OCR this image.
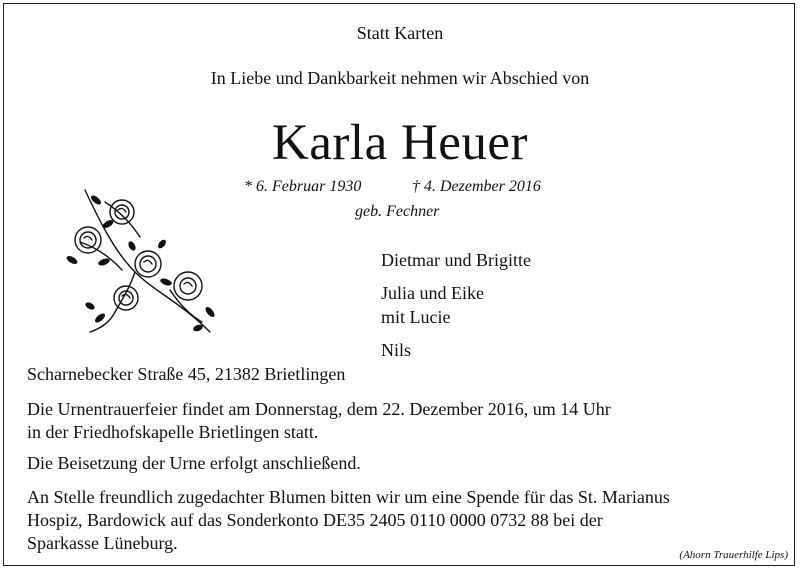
Statt Karten
In Liebe und Dankbarkeit nehmen wir Abschied von
Karla Heuer
* 6. Februar 1930	† 4. Dezember 2016
geb. Fechner
Dietmar und Brigitte
Julia und Eike
mit Lucie
Nils
Scharnebecker Straße 45, 21382 Brietlingen
Die Urnentrauerfeier findet am Donnerstag, dem 22. Dezember 2016, um 14 Uhr
in der Friedhofskapelle Brietlingen statt.
Die Beisetzung der Urne erfolgt anschließend.
An Stelle freundlich zugedachter Blumen bitten wir um eine Spende für das St. Marianus
Hospiz, Bardowick auf das Sonderkonto DE35 2405 0110 0000 0732 88 bei der
Sparkasse Lüneburg.
(Ahorn Trauerhilfe Lips)
